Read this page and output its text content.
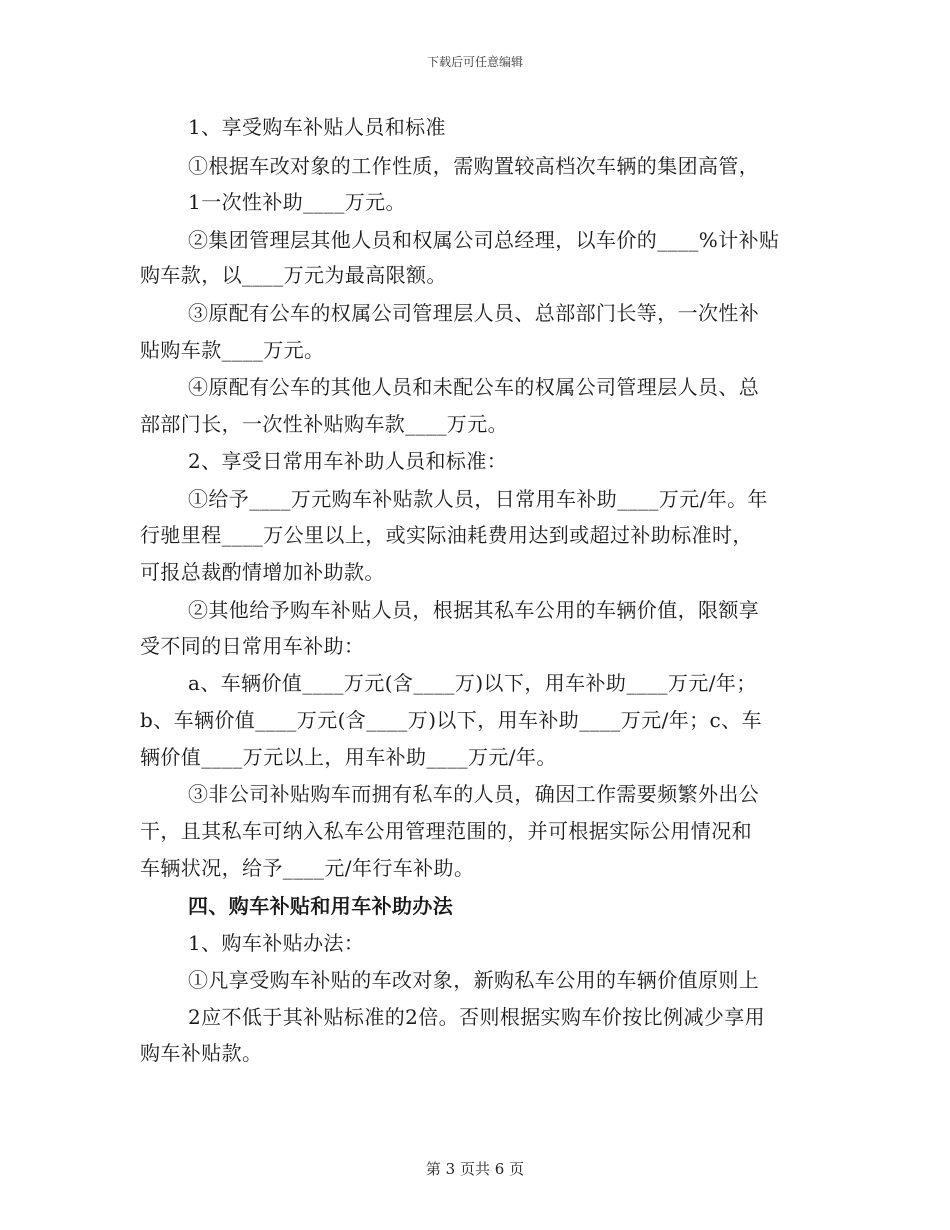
下载后可任意编辑
1、享受购车补贴人员和标准
①根据车改对象的工作性质，需购置较高档次车辆的集团高管，
1一次性补助____万元。
②集团管理层其他人员和权属公司总经理，以车价的____%计补贴
购车款，以____万元为最高限额。
③原配有公车的权属公司管理层人员、总部部门长等，一次性补
贴购车款____万元。
④原配有公车的其他人员和未配公车的权属公司管理层人员、总
部部门长，一次性补贴购车款____万元。
2、享受日常用车补助人员和标准：
①给予____万元购车补贴款人员，日常用车补助____万元/年。年
行驰里程____万公里以上，或实际油耗费用达到或超过补助标准时，
可报总裁酌情增加补助款。
②其他给予购车补贴人员，根据其私车公用的车辆价值，限额享
受不同的日常用车补助：
a、车辆价值____万元(含____万)以下，用车补助____万元/年；
b、车辆价值____万元(含____万)以下，用车补助____万元/年；c、车
辆价值____万元以上，用车补助____万元/年。
③非公司补贴购车而拥有私车的人员，确因工作需要频繁外出公
干，且其私车可纳入私车公用管理范围的，并可根据实际公用情况和
车辆状况，给予____元/年行车补助。
四、购车补贴和用车补助办法
1、购车补贴办法：
①凡享受购车补贴的车改对象，新购私车公用的车辆价值原则上
2应不低于其补贴标准的2倍。否则根据实购车价按比例减少享用
购车补贴款。
第 3 页共 6 页
